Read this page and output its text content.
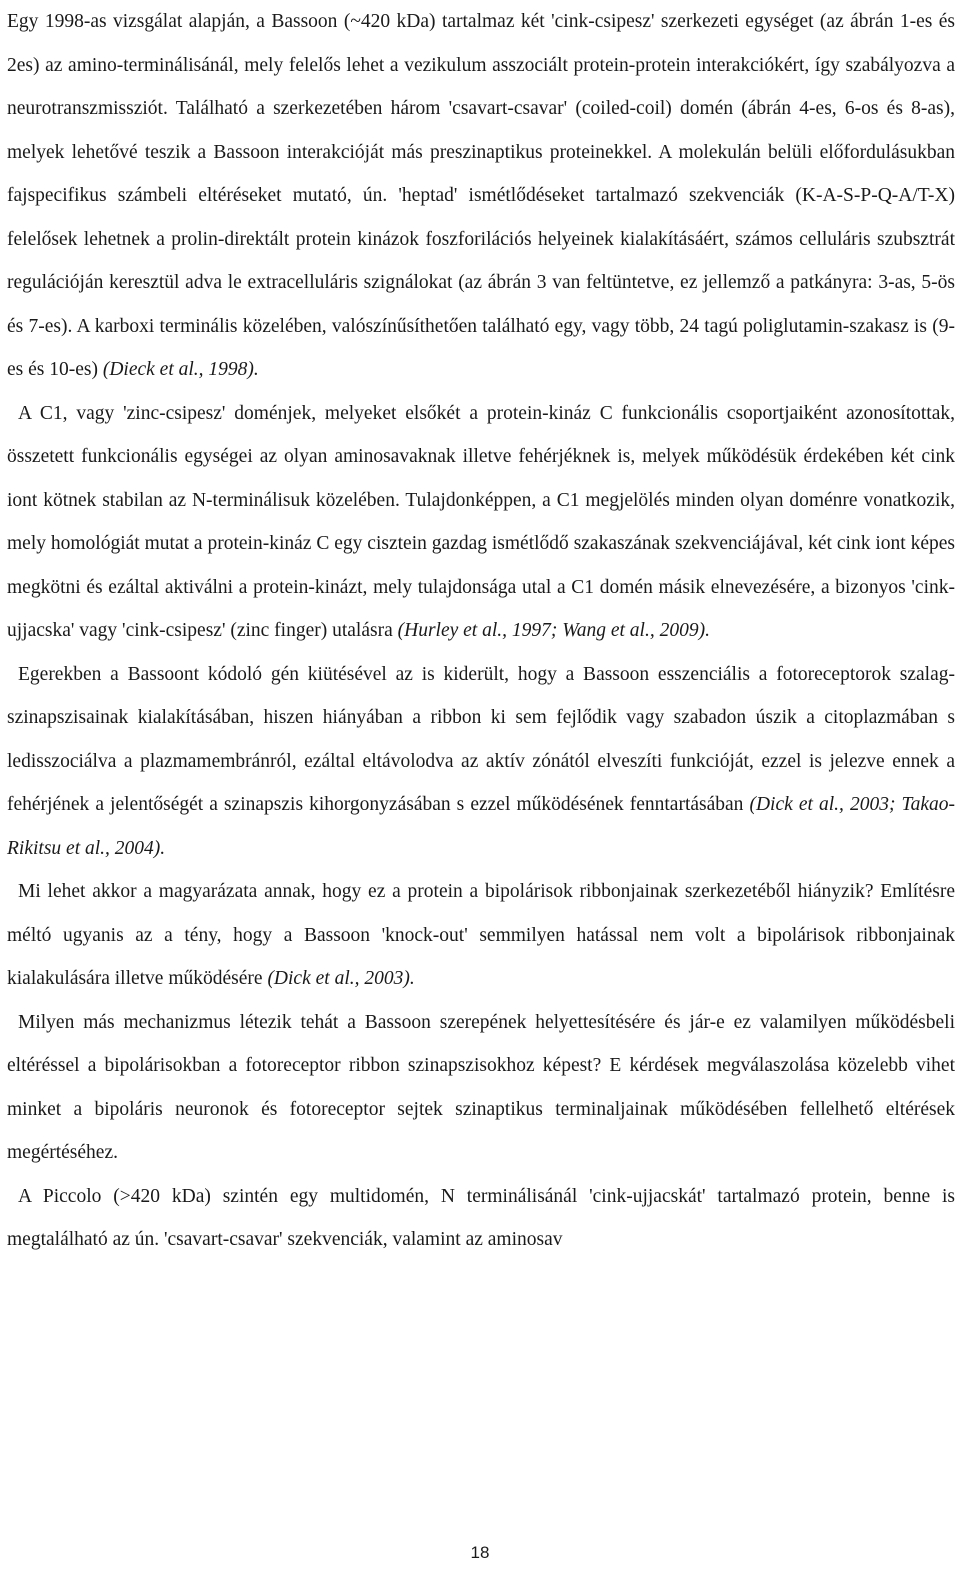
Egy 1998-as vizsgálat alapján, a Bassoon (~420 kDa) tartalmaz két 'cink-csipesz' szerkezeti egységet (az ábrán 1-es és 2es) az amino-terminálisánál, mely felelős lehet a vezikulum asszociált protein-protein interakciókért, így szabályozva a neurotranszmissziót. Található a szerkezetében három 'csavart-csavar' (coiled-coil) domén (ábrán 4-es, 6-os és 8-as), melyek lehetővé teszik a Bassoon interakcióját más preszinaptikus proteinekkel. A molekulán belüli előfordulásukban fajspecifikus számbeli eltéréseket mutató, ún. 'heptad' ismétlődéseket tartalmazó szekvenciák (K-A-S-P-Q-A/T-X) felelősek lehetnek a prolin-direktált protein kinázok foszforilációs helyeinek kialakításáért, számos celluláris szubsztrát regulációján keresztül adva le extracelluláris szignálokat (az ábrán 3 van feltüntetve, ez jellemző a patkányra: 3-as, 5-ös és 7-es). A karboxi terminális közelében, valószínűsíthetően található egy, vagy több, 24 tagú poliglutamin-szakasz is (9-es és 10-es) (Dieck et al., 1998).

A C1, vagy 'zinc-csipesz' doménjek, melyeket elsőkét a protein-kináz C funkcionális csoportjaiként azonosítottak, összetett funkcionális egységei az olyan aminosavaknak illetve fehérjéknek is, melyek működésük érdekében két cink iont kötnek stabilan az N-terminálisuk közelében. Tulajdonképpen, a C1 megjelölés minden olyan doménre vonatkozik, mely homológiát mutat a protein-kináz C egy cisztein gazdag ismétlődő szakaszának szekvenciájával, két cink iont képes megkötni és ezáltal aktiválni a protein-kinázt, mely tulajdonsága utal a C1 domén másik elnevezésére, a bizonyos 'cink-ujjacska' vagy 'cink-csipesz' (zinc finger) utalásra (Hurley et al., 1997; Wang et al., 2009).

Egerekben a Bassoont kódoló gén kiütésével az is kiderült, hogy a Bassoon esszenciális a fotoreceptorok szalag-szinapszisainak kialakításában, hiszen hiányában a ribbon ki sem fejlődik vagy szabadon úszik a citoplazmában s ledisszociálva a plazmamembránról, ezáltal eltávolodva az aktív zónától elveszíti funkcióját, ezzel is jelezve ennek a fehérjének a jelentőségét a szinapszis kihorgonyzásában s ezzel működésének fenntartásában (Dick et al., 2003; Takao-Rikitsu et al., 2004).

Mi lehet akkor a magyarázata annak, hogy ez a protein a bipolárisok ribbonjainak szerkezetéből hiányzik? Említésre méltó ugyanis az a tény, hogy a Bassoon 'knock-out' semmilyen hatással nem volt a bipolárisok ribbonjainak kialakulására illetve működésére (Dick et al., 2003).

Milyen más mechanizmus létezik tehát a Bassoon szerepének helyettesítésére és jár-e ez valamilyen működésbeli eltéréssel a bipolárisokban a fotoreceptor ribbon szinapszisokhoz képest? E kérdések megválaszolása közelebb vihet minket a bipoláris neuronok és fotoreceptor sejtek szinaptikus terminaljainak működésében fellelhető eltérések megértéséhez.

A Piccolo (>420 kDa) szintén egy multidomén, N terminálisánál 'cink-ujjacskát' tartalmazó protein, benne is megtalálható az ún. 'csavart-csavar' szekvenciák, valamint az aminosav

18
